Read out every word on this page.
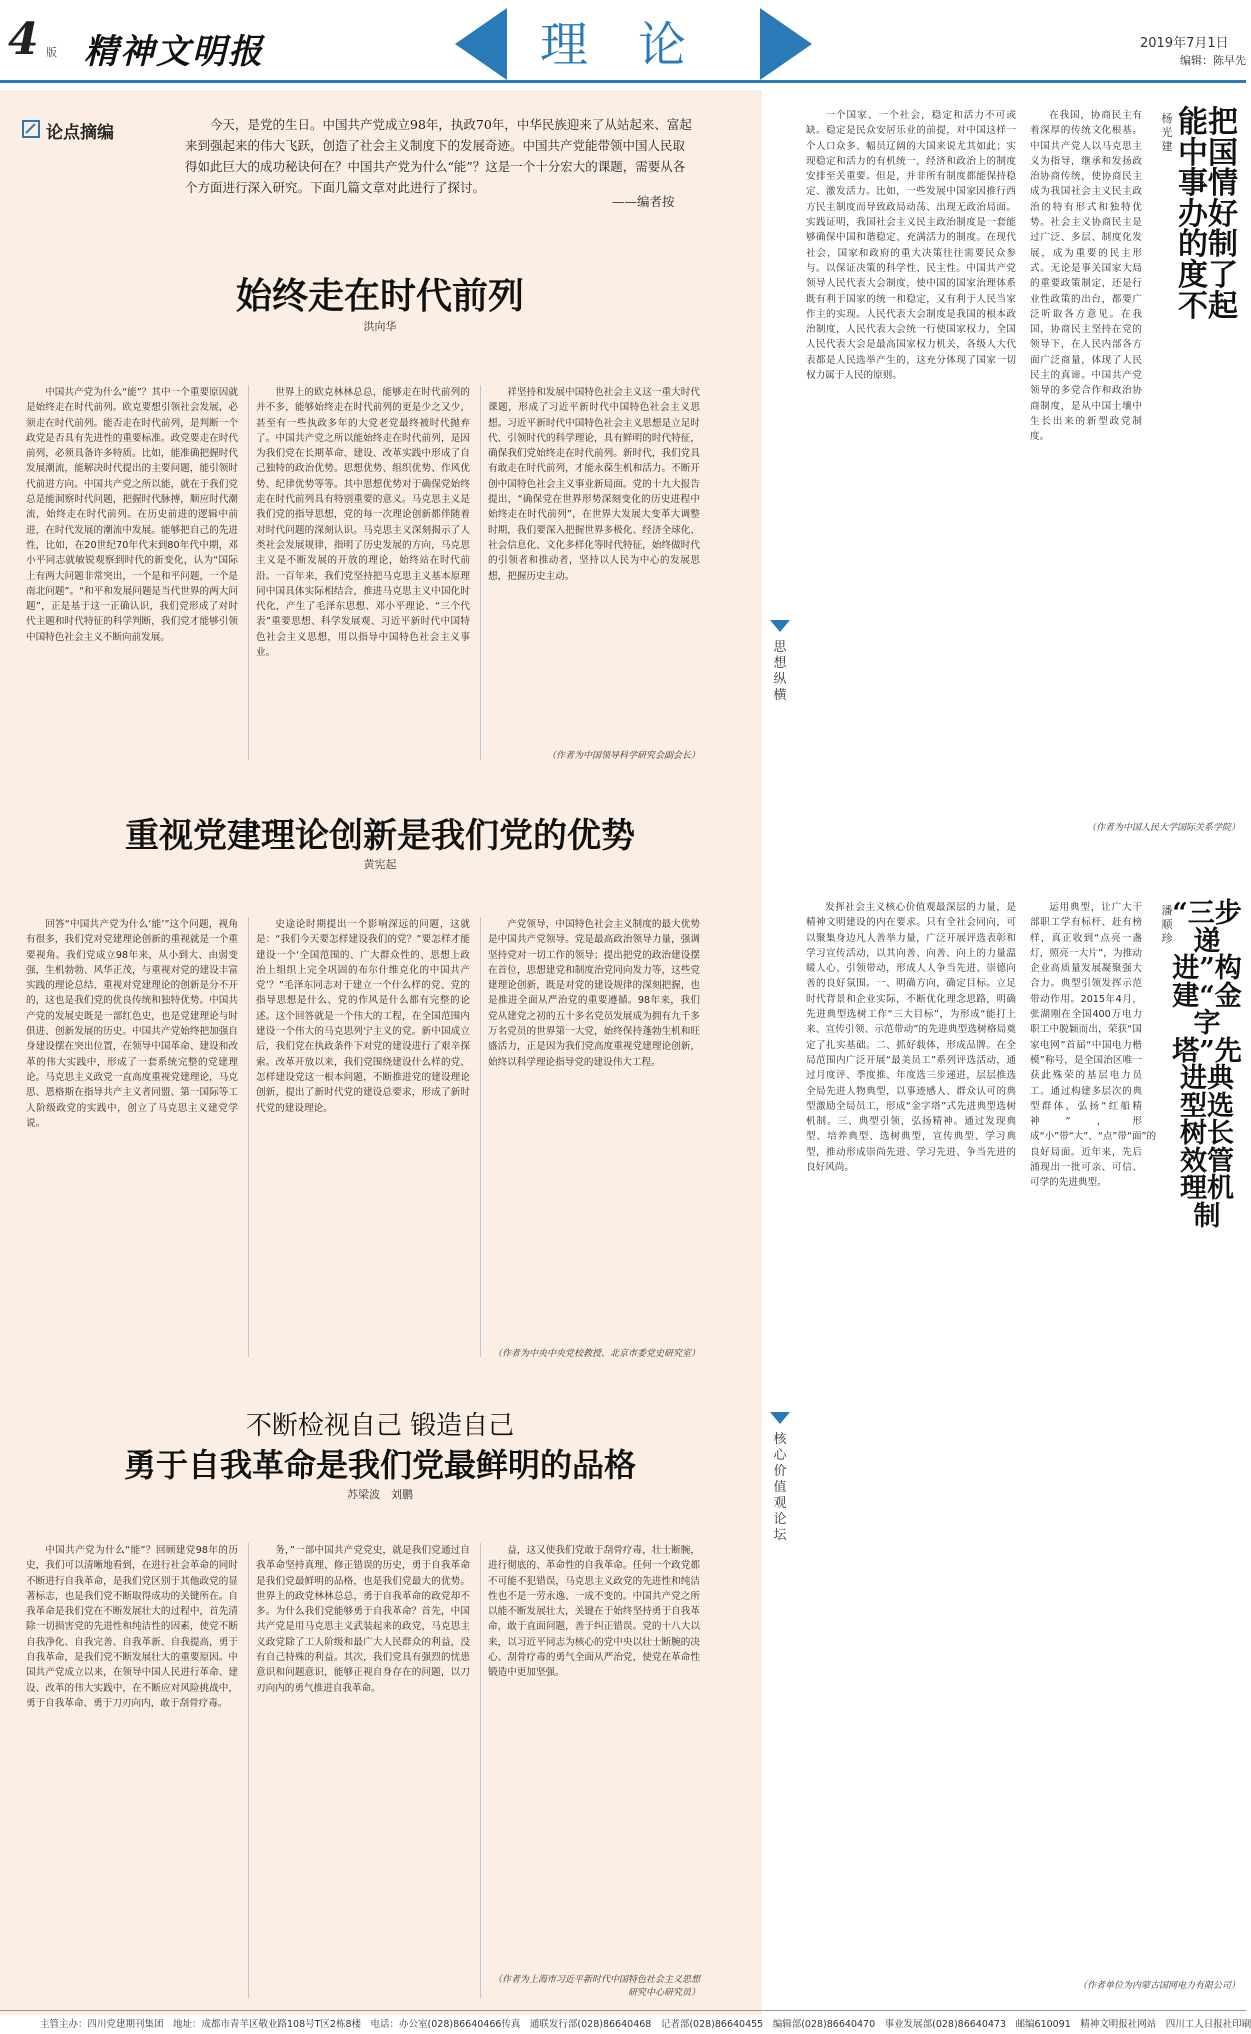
4 版 精神文明报	理论	2019年7月1日
编辑：陈早先
论点摘编	今天，是党的生日。中国共产党成立98年，执政70年，中华民族迎来了从站起来、富起来到强起来的伟大飞跃，创造了社会主义制度下的发展奇迹。中国共产党能带领中国人民取得如此巨大的成功秘诀何在？中国共产党为什么“能”？这是一个十分宏大的课题，需要从各个方面进行深入研究。下面几篇文章对此进行了探讨。
——编者按
始终走在时代前列
洪向华
中国共产党为什么“能”？其中一个重要原因就是始终走在时代前列。欧克要想引领社会发展，必须走在时代前列。能否走在时代前列，是判断一个政党是否具有先进性的重要标准。政党要走在时代前列，必须具备许多特质。比如，能准确把握时代发展潮流，能解决时代提出的主要问题，能引领时代前进方向。中国共产党之所以能，就在于我们党总是能洞察时代问题，把握时代脉搏，顺应时代潮流，始终走在时代前列。在历史前进的逻辑中前进，在时代发展的潮流中发展。能够把自己的先进性，比如，在20世纪70年代末到80年代中期，邓小平同志就敏锐观察到时代的新变化，认为“国际上有两大问题非常突出，一个是和平问题，一个是南北问题”。“和平和发展问题是当代世界的两大问题”，正是基于这一正确认识，我们党形成了对时代主题和时代特征的科学判断，我们党才能够引领中国特色社会主义不断向前发展。
世界上的欧克林林总总，能够走在时代前列的并不多，能够始终走在时代前列的更是少之又少，甚至有一些执政多年的大党老党最终被时代抛弃了。中国共产党之所以能始终走在时代前列，是因为我们党在长期革命、建设、改革实践中形成了自己独特的政治优势。思想优势、组织优势、作风优势、纪律优势等等。其中思想优势对于确保党始终走在时代前列具有特别重要的意义。马克思主义是我们党的指导思想，党的每一次理论创新都伴随着对时代问题的深刻认识。马克思主义深刻揭示了人类社会发展规律，指明了历史发展的方向，马克思主义是不断发展的开放的理论，始终站在时代前沿。一百年来，我们党坚持把马克思主义基本原理同中国具体实际相结合，推进马克思主义中国化时代化，产生了毛泽东思想、邓小平理论、“三个代表”重要思想、科学发展观、习近平新时代中国特色社会主义思想，用以指导中国特色社会主义事业。
祥坚持和发展中国特色社会主义这一重大时代课题，形成了习近平新时代中国特色社会主义思想。习近平新时代中国特色社会主义思想是立足时代、引领时代的科学理论，具有鲜明的时代特征，确保我们党始终走在时代前列。新时代，我们党具有敢走在时代前列，才能永葆生机和活力。不断开创中国特色社会主义事业新局面。党的十九大报告提出，“确保党在世界形势深刻变化的历史进程中始终走在时代前列”，在世界大发展大变革大调整时期，我们要深入把握世界多极化、经济全球化、社会信息化、文化多样化等时代特征，始终做时代的引领者和推动者，坚持以人民为中心的发展思想，把握历史主动。
（作者为中国领导科学研究会副会长）
重视党建理论创新是我们党的优势
黄宪起
回答“中国共产党为什么‘能’”这个问题，视角有很多，我们党对党建理论创新的重视就是一个重要视角。我们党成立98年来，从小到大、由弱变强，生机勃勃、风华正茂，与重视对党的建设丰富实践的理论总结、重视对党建理论的创新是分不开的，这也是我们党的优良传统和独特优势。中国共产党的发展史既是一部红色史，也是党建理论与时俱进、创新发展的历史。中国共产党始终把加强自身建设摆在突出位置，在领导中国革命、建设和改革的伟大实践中，形成了一套系统完整的党建理论。马克思主义政党一直高度重视党建理论，马克思、恩格斯在指导共产主义者同盟、第一国际等工人阶级政党的实践中，创立了马克思主义建党学说。
史途论时期提出一个影响深远的问题，这就是：“我们今天要怎样建设我们的党？”要怎样才能建设一个‘全国范围的、广大群众性的、思想上政治上组织上完全巩固的布尔什维克化的中国共产党’？”毛泽东同志对于建立一个什么样的党、党的指导思想是什么、党的作风是什么都有完整的论述。这个回答就是一个伟大的工程，在全国范围内建设一个伟大的马克思列宁主义的党。新中国成立后，我们党在执政条件下对党的建设进行了艰辛探索。改革开放以来，我们党围绕建设什么样的党、怎样建设党这一根本问题，不断推进党的建设理论创新，提出了新时代党的建设总要求，形成了新时代党的建设理论。
产党领导，中国特色社会主义制度的最大优势是中国共产党领导。党是最高政治领导力量，强调坚持党对一切工作的领导；提出把党的政治建设摆在首位，思想建党和制度治党同向发力等，这些党建理论创新，既是对党的建设规律的深刻把握，也是推进全面从严治党的重要遵循。98年来，我们党从建党之初的五十多名党员发展成为拥有九千多万名党员的世界第一大党，始终保持蓬勃生机和旺盛活力，正是因为我们党高度重视党建理论创新，始终以科学理论指导党的建设伟大工程。
（作者为中央中央党校教授、北京市委党史研究室）
不断检视自己 锻造自己
勇于自我革命是我们党最鲜明的品格
苏梁波　刘鹏
中国共产党为什么“能”？回顾建党98年的历史，我们可以清晰地看到，在进行社会革命的同时不断进行自我革命，是我们党区别于其他政党的显著标志，也是我们党不断取得成功的关键所在。自我革命是我们党在不断发展壮大的过程中，首先清除一切损害党的先进性和纯洁性的因素，使党不断自我净化、自我完善、自我革新、自我提高，勇于自我革命，是我们党不断发展壮大的重要原因。中国共产党成立以来，在领导中国人民进行革命、建设、改革的伟大实践中，在不断应对风险挑战中，勇于自我革命、勇于刀刃向内，敢于刮骨疗毒。
务，”一部中国共产党党史，就是我们党通过自我革命坚持真理、修正错误的历史，勇于自我革命是我们党最鲜明的品格，也是我们党最大的优势。世界上的政党林林总总，勇于自我革命的政党却不多。为什么我们党能够勇于自我革命？首先，中国共产党是用马克思主义武装起来的政党，马克思主义政党除了工人阶级和最广大人民群众的利益，没有自己特殊的利益。其次，我们党具有强烈的忧患意识和问题意识，能够正视自身存在的问题，以刀刃向内的勇气推进自我革命。
益，这又使我们党敢于刮骨疗毒，壮士断腕，进行彻底的、革命性的自我革命。任何一个政党都不可能不犯错误，马克思主义政党的先进性和纯洁性也不是一劳永逸、一成不变的。中国共产党之所以能不断发展壮大，关键在于始终坚持勇于自我革命，敢于直面问题，善于纠正错误。党的十八大以来，以习近平同志为核心的党中央以壮士断腕的决心、刮骨疗毒的勇气全面从严治党，使党在革命性锻造中更加坚强。
（作者为上海市习近平新时代中国特色社会主义思想研究中心研究员）
思想纵横
一个国家、一个社会，稳定和活力不可或缺。稳定是民众安居乐业的前提，对中国这样一个人口众多、幅员辽阔的大国来说尤其如此；实现稳定和活力的有机统一，经济和政治上的制度安排至关重要。但是，并非所有制度都能保持稳定、激发活力。比如，一些发展中国家因推行西方民主制度而导致政局动荡、出现无政治局面。实践证明，我国社会主义民主政治制度是一套能够确保中国和谐稳定、充满活力的制度。在现代社会，国家和政府的重大决策往往需要民众参与。以保证决策的科学性、民主性。中国共产党领导人民代表大会制度，使中国的国家治理体系既有利于国家的统一和稳定，又有利于人民当家作主的实现。人民代表大会制度是我国的根本政治制度，人民代表大会统一行使国家权力，全国人民代表大会是最高国家权力机关，各级人大代表都是人民选举产生的，这充分体现了国家一切权力属于人民的原则。
在我国，协商民主有着深厚的传统文化根基。中国共产党人以马克思主义为指导，继承和发扬政治协商传统，使协商民主成为我国社会主义民主政治的特有形式和独特优势。社会主义协商民主是过广泛、多层、制度化发展，成为重要的民主形式。无论是事关国家大局的重要政策制定，还是行业性政策的出台，都要广泛听取各方意见。在我国，协商民主坚持在党的领导下，在人民内部各方面广泛商量，体现了人民民主的真谛。中国共产党领导的多党合作和政治协商制度，是从中国土壤中生长出来的新型政党制度。
（作者为中国人民大学国际关系学院）
杨光建
能把中国事情办好的制度了不起
核心价值观论坛
发挥社会主义核心价值观最深层的力量，是精神文明建设的内在要求。只有全社会同向，可以聚集身边凡人善举力量，广泛开展评选表彰和学习宣传活动，以其向善、向善、向上的力量温暖人心、引领带动，形成人人争当先进、崇德向善的良好氛围。一、明确方向，确定目标。立足时代背景和企业实际，不断优化理念思路，明确先进典型选树工作“三大目标”，为形成“能打上来、宣传引领、示范带动”的先进典型选树格局奠定了扎实基础。二、抓好载体，形成品牌。在全局范围内广泛开展“最美员工”系列评选活动，通过月度评、季度推、年度选三步递进，层层推选全局先进人物典型，以事迹感人、群众认可的典型激励全局员工，形成“金字塔”式先进典型选树机制。三、典型引领，弘扬精神。通过发现典型、培养典型、选树典型，宣传典型、学习典型，推动形成崇尚先进、学习先进、争当先进的良好风尚。
运用典型，让广大干部职工学有标杆、赶有榜样，真正收到“点亮一盏灯，照亮一大片”，为推动企业高质量发展凝聚强大合力。典型引领发挥示范带动作用。2015年4月，张湖刚在全国400万电力职工中脱颖而出，荣获“国家电网”首届“中国电力楷模”称号，是全国治区唯一获此殊荣的基层电力员工。通过构建多层次的典型群体，弘扬“红船精神”，形成“小”带“大”、“点”带“面”的良好局面。近年来，先后涌现出一批可亲、可信、可学的先进典型。
（作者单位为内蒙古国网电力有限公司）
潘顺珍
“三步递进”构建“金字塔”先进典型选树长效管理机制
主管主办：四川党建期刊集团　地址：成都市青羊区敬业路108号T区2栋8楼　电话：办公室(028)86640466传真　通联发行部(028)86640468　记者部(028)86640455　编辑部(028)86640470　事业发展部(028)86640473　邮编610091　精神文明报社网站　四川工人日报社印刷
